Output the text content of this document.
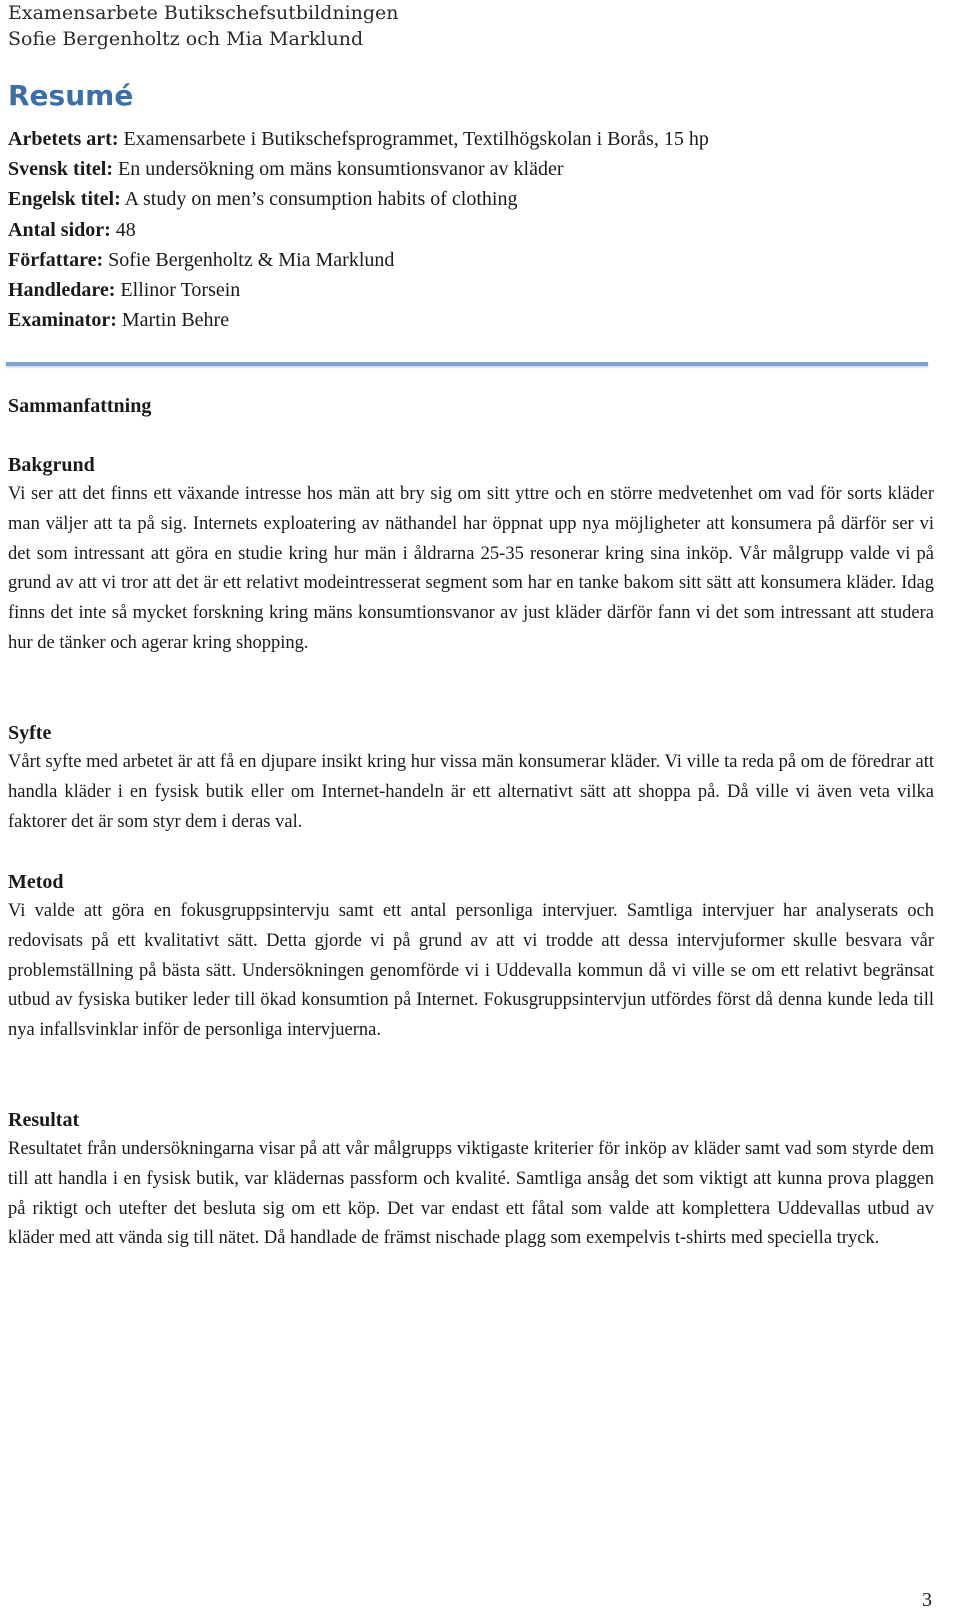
Examensarbete Butikschefsutbildningen
Sofie Bergenholtz och Mia Marklund
Resumé
Arbetets art: Examensarbete i Butikschefsprogrammet, Textilhögskolan i Borås, 15 hp
Svensk titel: En undersökning om mäns konsumtionsvanor av kläder
Engelsk titel: A study on men’s consumption habits of clothing
Antal sidor: 48
Författare: Sofie Bergenholtz & Mia Marklund
Handledare: Ellinor Torsein
Examinator: Martin Behre
Sammanfattning
Bakgrund

Vi ser att det finns ett växande intresse hos män att bry sig om sitt yttre och en större medvetenhet om vad för sorts kläder man väljer att ta på sig. Internets exploatering av näthandel har öppnat upp nya möjligheter att konsumera på därför ser vi det som intressant att göra en studie kring hur män i åldrarna 25-35 resonerar kring sina inköp. Vår målgrupp valde vi på grund av att vi tror att det är ett relativt modeintresserat segment som har en tanke bakom sitt sätt att konsumera kläder. Idag finns det inte så mycket forskning kring mäns konsumtionsvanor av just kläder därför fann vi det som intressant att studera hur de tänker och agerar kring shopping.

Syfte

Vårt syfte med arbetet är att få en djupare insikt kring hur vissa män konsumerar kläder. Vi ville ta reda på om de föredrar att handla kläder i en fysisk butik eller om Internet-handeln är ett alternativt sätt att shoppa på. Då ville vi även veta vilka faktorer det är som styr dem i deras val.

Metod

Vi valde att göra en fokusgruppsintervju samt ett antal personliga intervjuer. Samtliga intervjuer har analyserats och redovisats på ett kvalitativt sätt. Detta gjorde vi på grund av att vi trodde att dessa intervjuformer skulle besvara vår problemställning på bästa sätt. Undersökningen genomförde vi i Uddevalla kommun då vi ville se om ett relativt begränsat utbud av fysiska butiker leder till ökad konsumtion på Internet. Fokusgruppsintervjun utfördes först då denna kunde leda till nya infallsvinklar inför de personliga intervjuerna.

Resultat

Resultatet från undersökningarna visar på att vår målgrupps viktigaste kriterier för inköp av kläder samt vad som styrde dem till att handla i en fysisk butik, var klädernas passform och kvalité. Samtliga ansåg det som viktigt att kunna prova plaggen på riktigt och utefter det besluta sig om ett köp. Det var endast ett fåtal som valde att komplettera Uddevallas utbud av kläder med att vända sig till nätet. Då handlade de främst nischade plagg som exempelvis t-shirts med speciella tryck.

3
